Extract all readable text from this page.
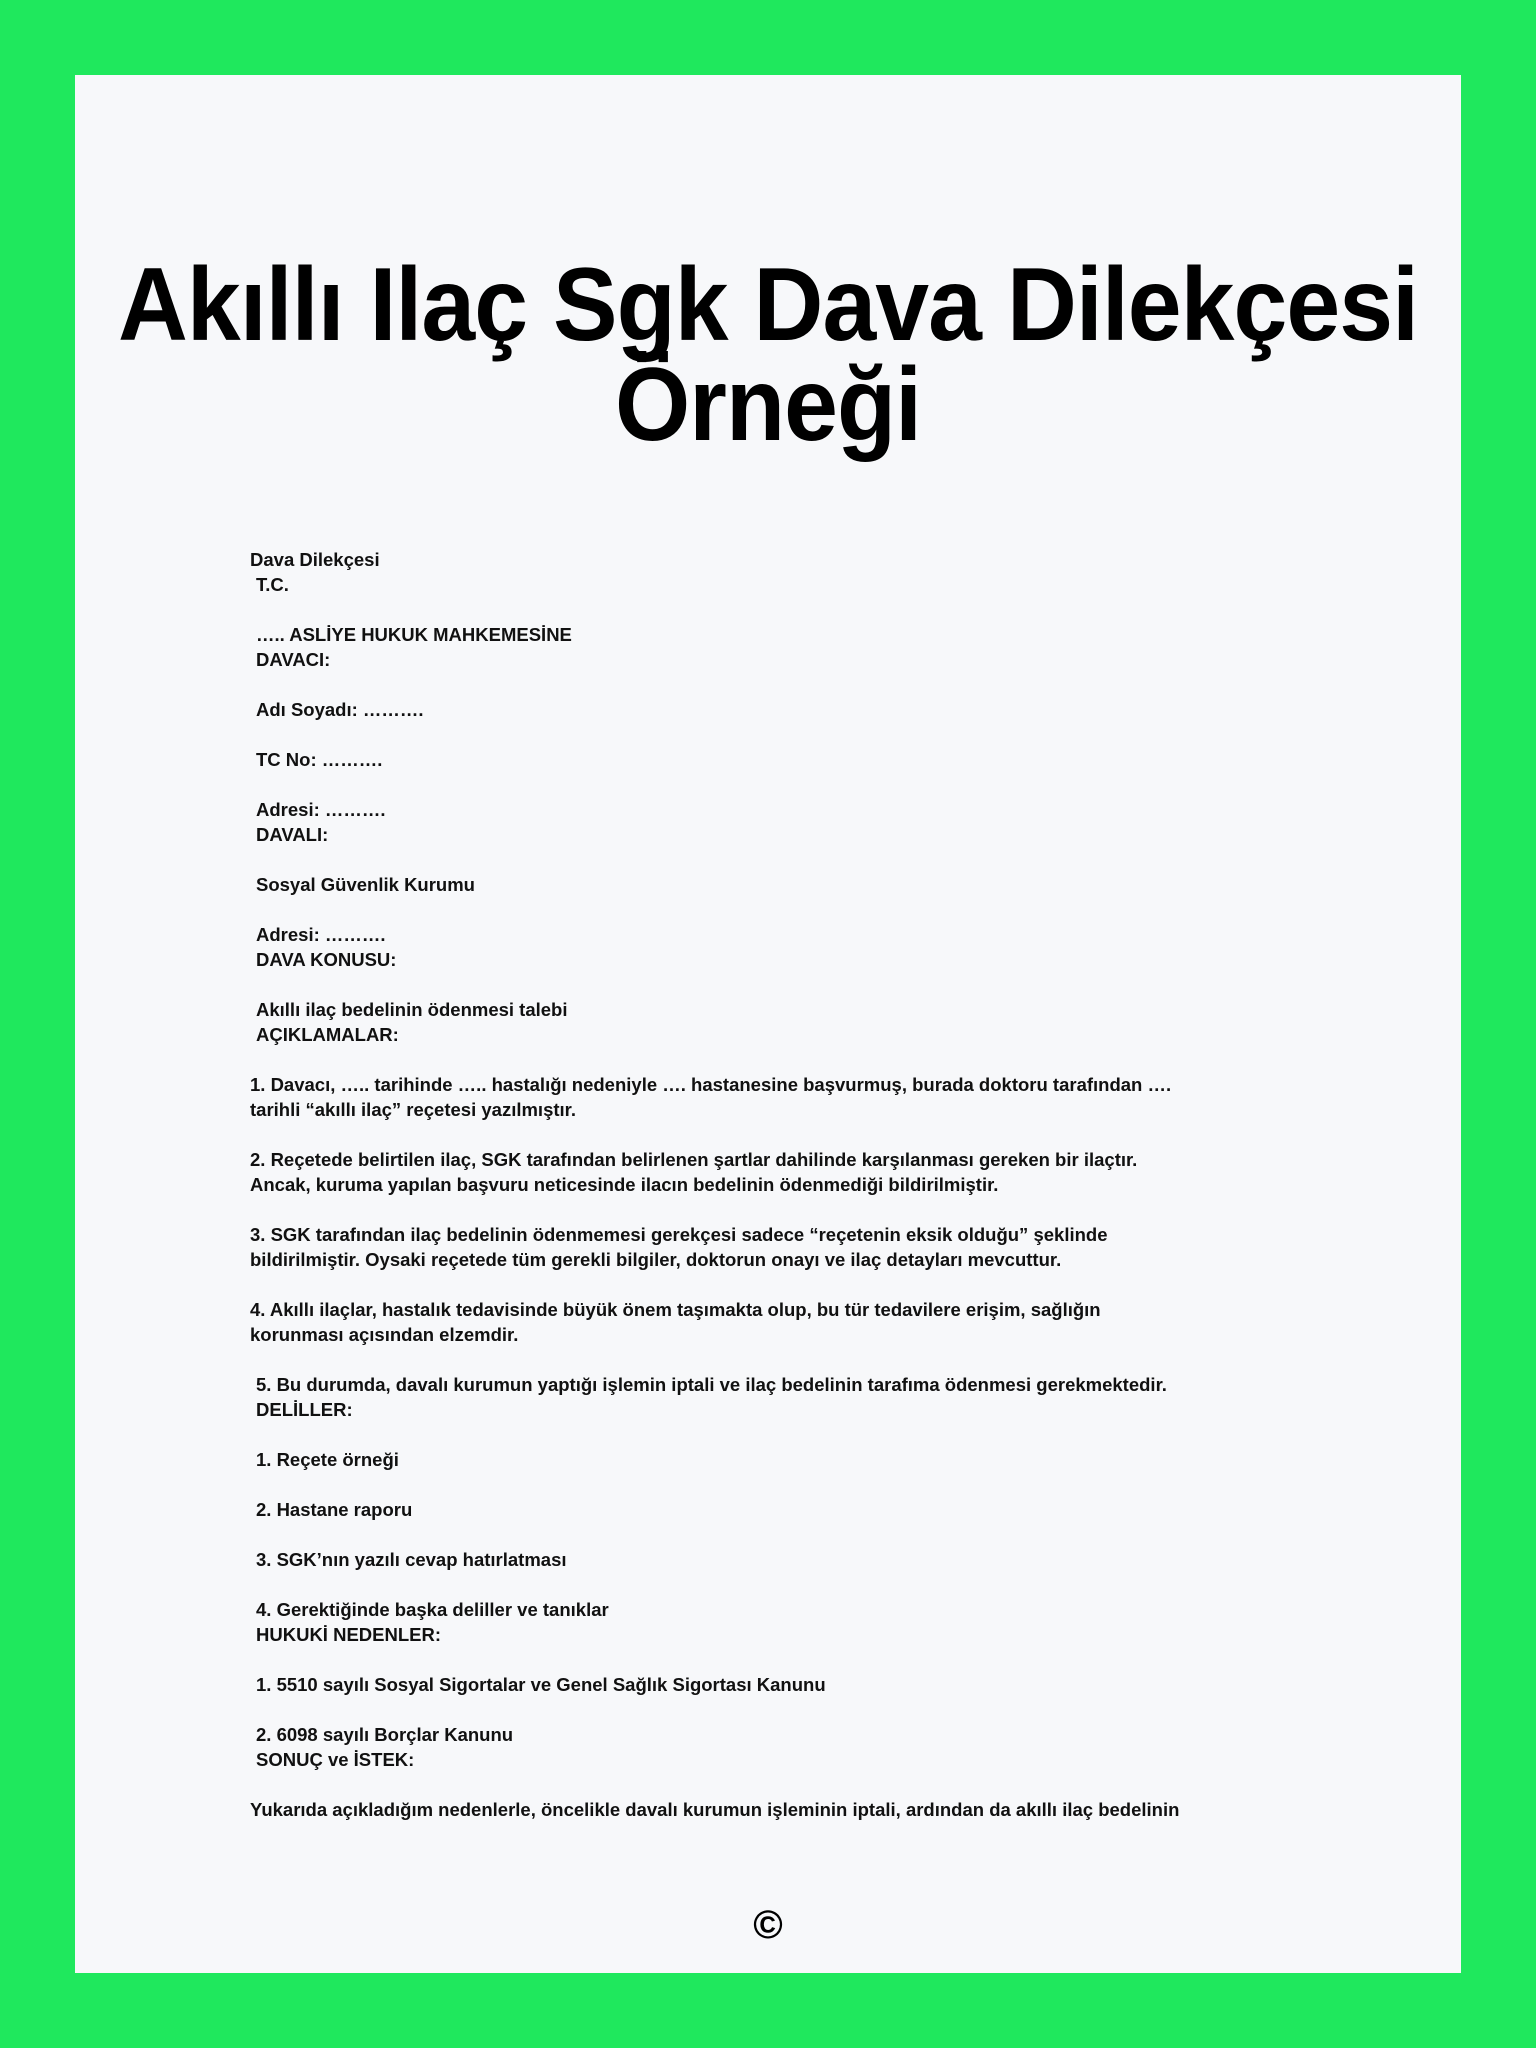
Akıllı Ilaç Sgk Dava Dilekçesi
Örneği
Dava Dilekçesi
T.C.
….. ASLİYE HUKUK MAHKEMESİNE
DAVACI:
Adı Soyadı: ……….
TC No: ……….
Adresi: ……….
DAVALI:
Sosyal Güvenlik Kurumu
Adresi: ……….
DAVA KONUSU:
Akıllı ilaç bedelinin ödenmesi talebi
AÇIKLAMALAR:
1. Davacı, ….. tarihinde ….. hastalığı nedeniyle …. hastanesine başvurmuş, burada doktoru tarafından ….
tarihli “akıllı ilaç” reçetesi yazılmıştır.
2. Reçetede belirtilen ilaç, SGK tarafından belirlenen şartlar dahilinde karşılanması gereken bir ilaçtır.
Ancak, kuruma yapılan başvuru neticesinde ilacın bedelinin ödenmediği bildirilmiştir.
3. SGK tarafından ilaç bedelinin ödenmemesi gerekçesi sadece “reçetenin eksik olduğu” şeklinde
bildirilmiştir. Oysaki reçetede tüm gerekli bilgiler, doktorun onayı ve ilaç detayları mevcuttur.
4. Akıllı ilaçlar, hastalık tedavisinde büyük önem taşımakta olup, bu tür tedavilere erişim, sağlığın
korunması açısından elzemdir.
5. Bu durumda, davalı kurumun yaptığı işlemin iptali ve ilaç bedelinin tarafıma ödenmesi gerekmektedir.
DELİLLER:
1. Reçete örneği
2. Hastane raporu
3. SGK’nın yazılı cevap hatırlatması
4. Gerektiğinde başka deliller ve tanıklar
HUKUKİ NEDENLER:
1. 5510 sayılı Sosyal Sigortalar ve Genel Sağlık Sigortası Kanunu
2. 6098 sayılı Borçlar Kanunu
SONUÇ ve İSTEK:
Yukarıda açıkladığım nedenlerle, öncelikle davalı kurumun işleminin iptali, ardından da akıllı ilaç bedelinin
©
